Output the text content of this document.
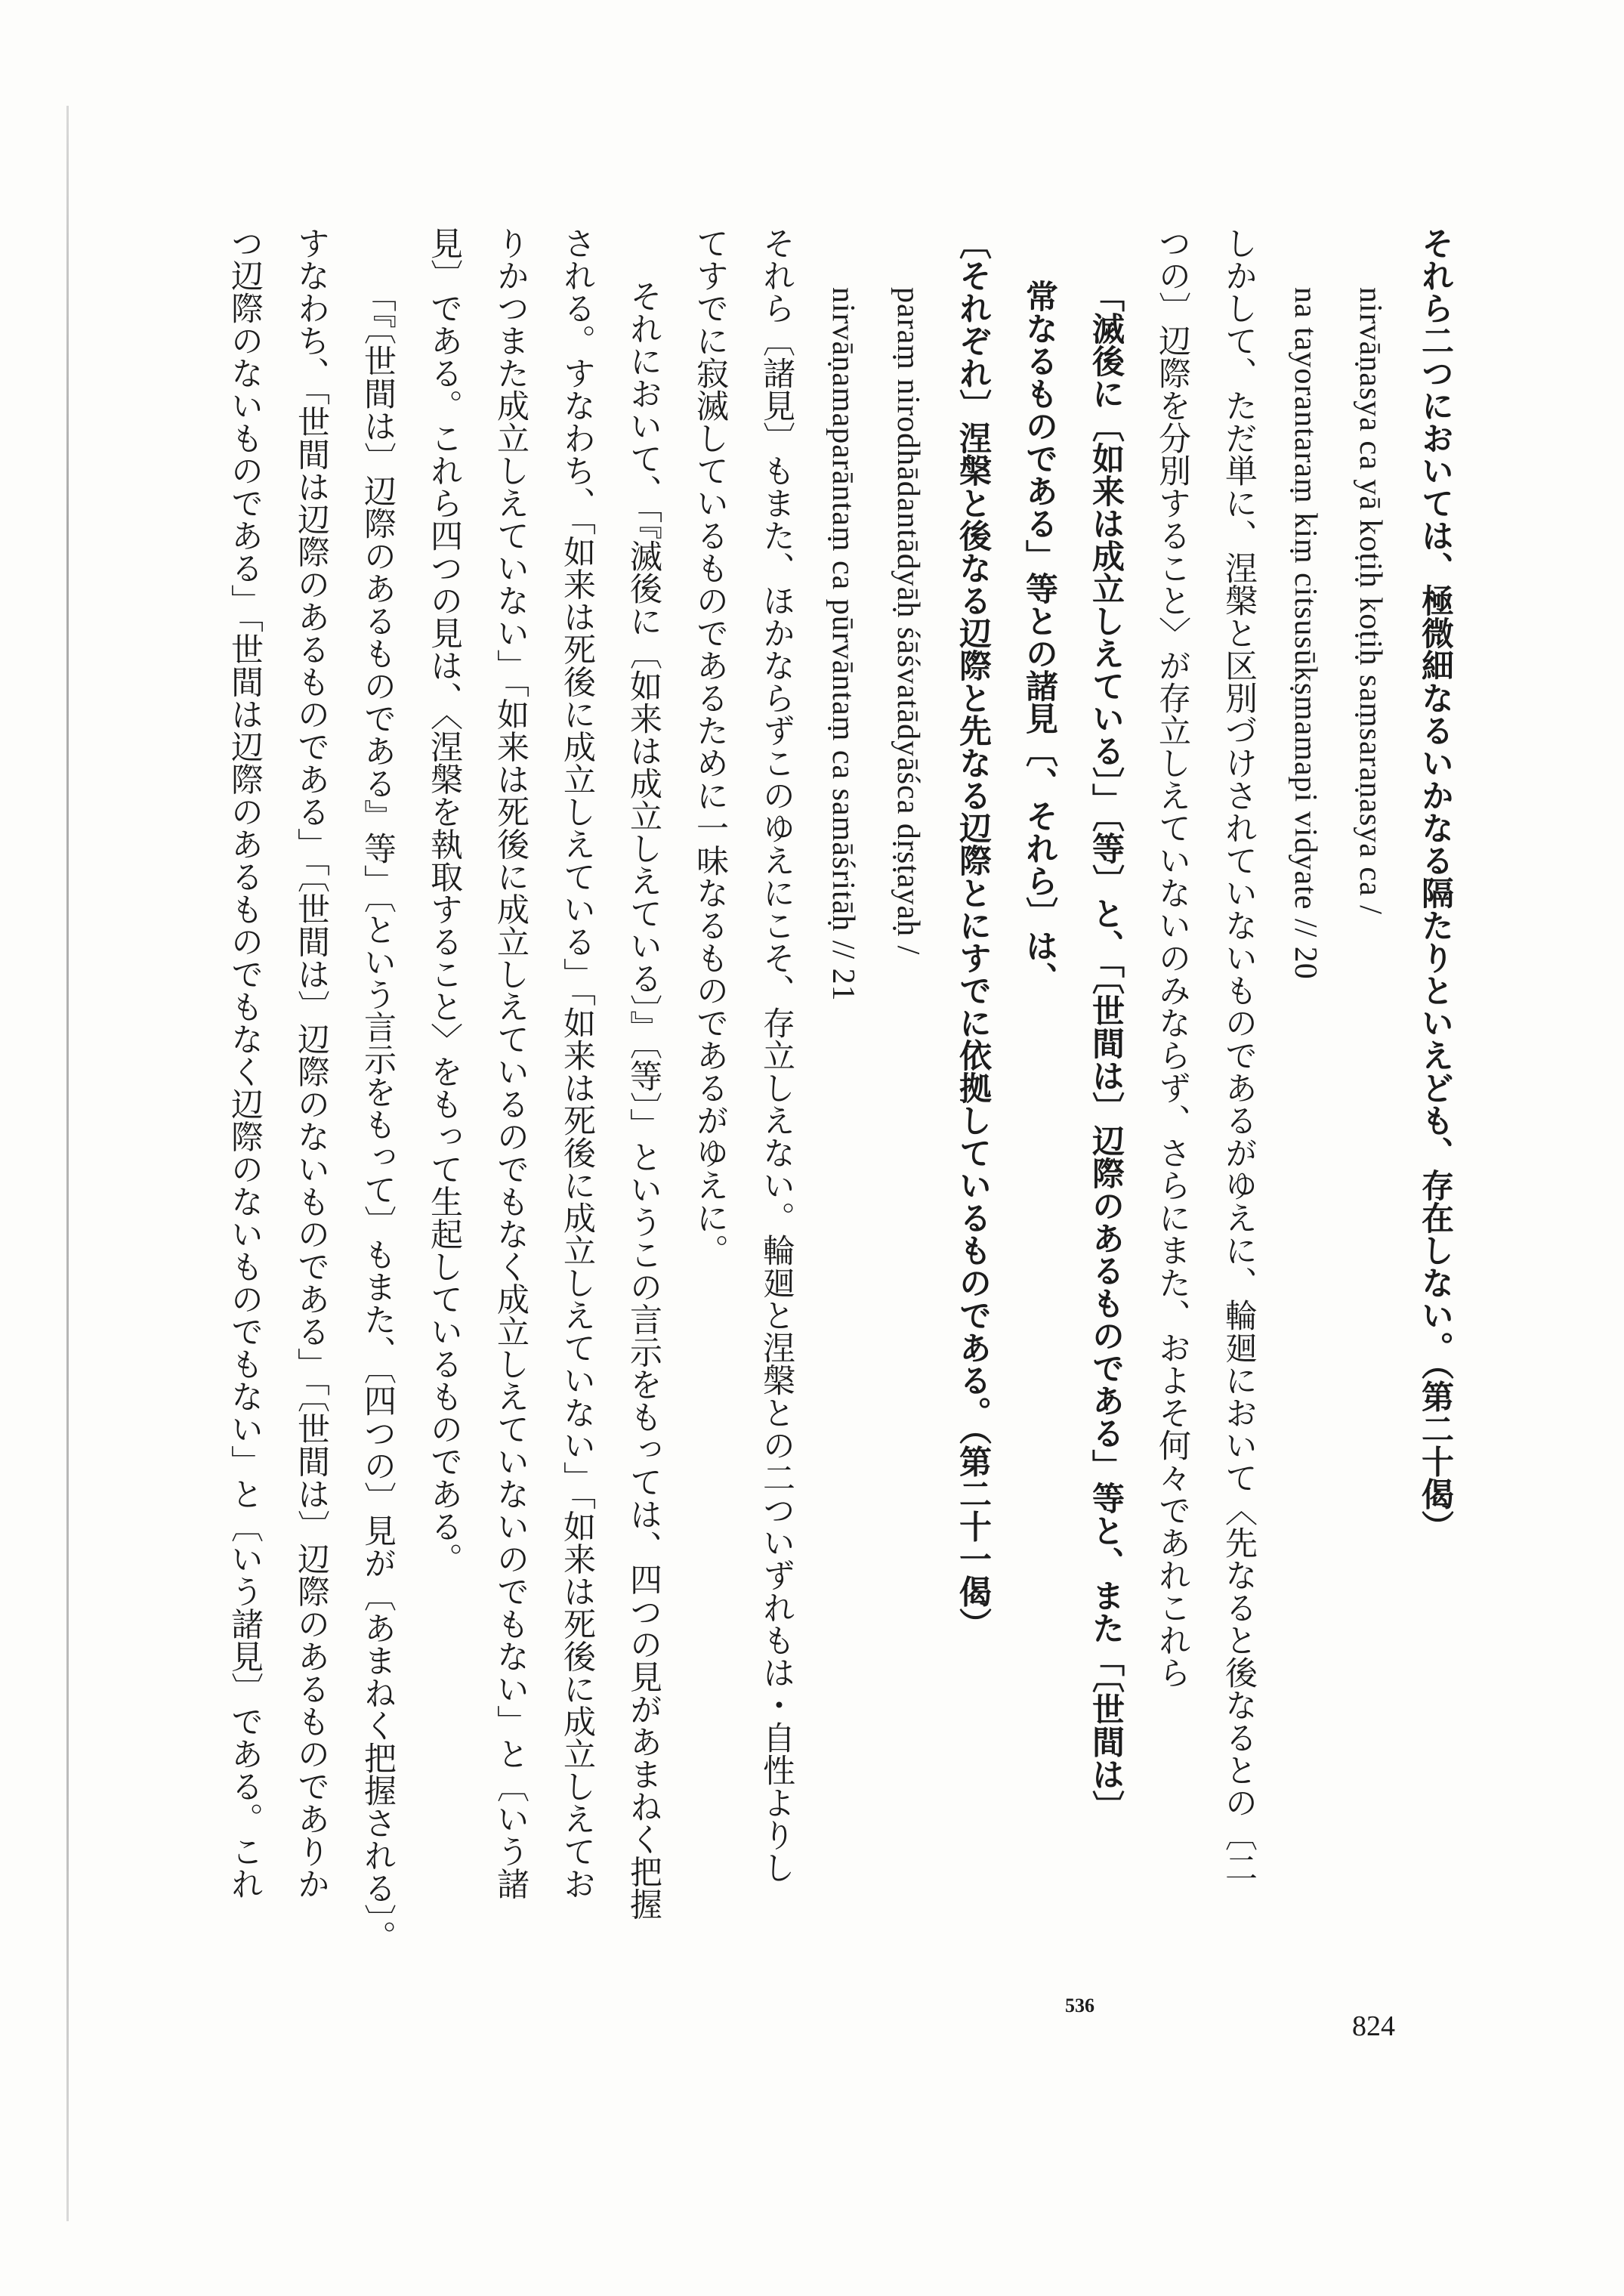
それら二つにおいては、極微細なるいかなる隔たりといえども、存在しない。（第二十偈）
nirvāṇasya ca yā koṭiḥ koṭiḥ saṃsaraṇasya ca /
na tayorantaraṃ kiṃ citsusūkṣmamapi vidyate // 20
しかして、ただ単に、涅槃と区別づけされていないものであるがゆえに、輪廻において〈先なると後なるとの〔二
つの〕辺際を分別すること〉が存立しえていないのみならず、さらにまた、およそ何々であれこれら
「滅後に〔如来は成立しえている〕」〔等〕と、「〔世間は〕辺際のあるものである」等と、また「〔世間は〕
常なるものである」等との諸見〔、それら〕は、
〔それぞれ〕涅槃と後なる辺際と先なる辺際とにすでに依拠しているものである。（第二十一偈）
paraṃ nirodhādantādyāḥ śāśvatādyāśca dṛṣṭayaḥ /
nirvāṇamaparāntaṃ ca pūrvāntaṃ ca samāśritāḥ // 21
それら〔諸見〕もまた、ほかならずこのゆえにこそ、存立しえない。輪廻と涅槃との二ついずれもは・自性よりし
てすでに寂滅しているものであるために一味なるものであるがゆえに。
それにおいて、「『滅後に〔如来は成立しえている〕』〔等〕」というこの言示をもっては、四つの見があまねく把握
される。すなわち、「如来は死後に成立しえている」「如来は死後に成立しえていない」「如来は死後に成立しえてお
りかつまた成立しえていない」「如来は死後に成立しえているのでもなく成立しえていないのでもない」と〔いう諸
見〕である。これら四つの見は、〈涅槃を執取すること〉をもって生起しているものである。
「『〔世間は〕辺際のあるものである』等」〔という言示をもって〕もまた、〔四つの〕見が〔あまねく把握される〕。
すなわち、「世間は辺際のあるものである」「〔世間は〕辺際のないものである」「〔世間は〕辺際のあるものでありか
つ辺際のないものである」「世間は辺際のあるものでもなく辺際のないものでもない」と〔いう諸見〕である。これ
536
824
